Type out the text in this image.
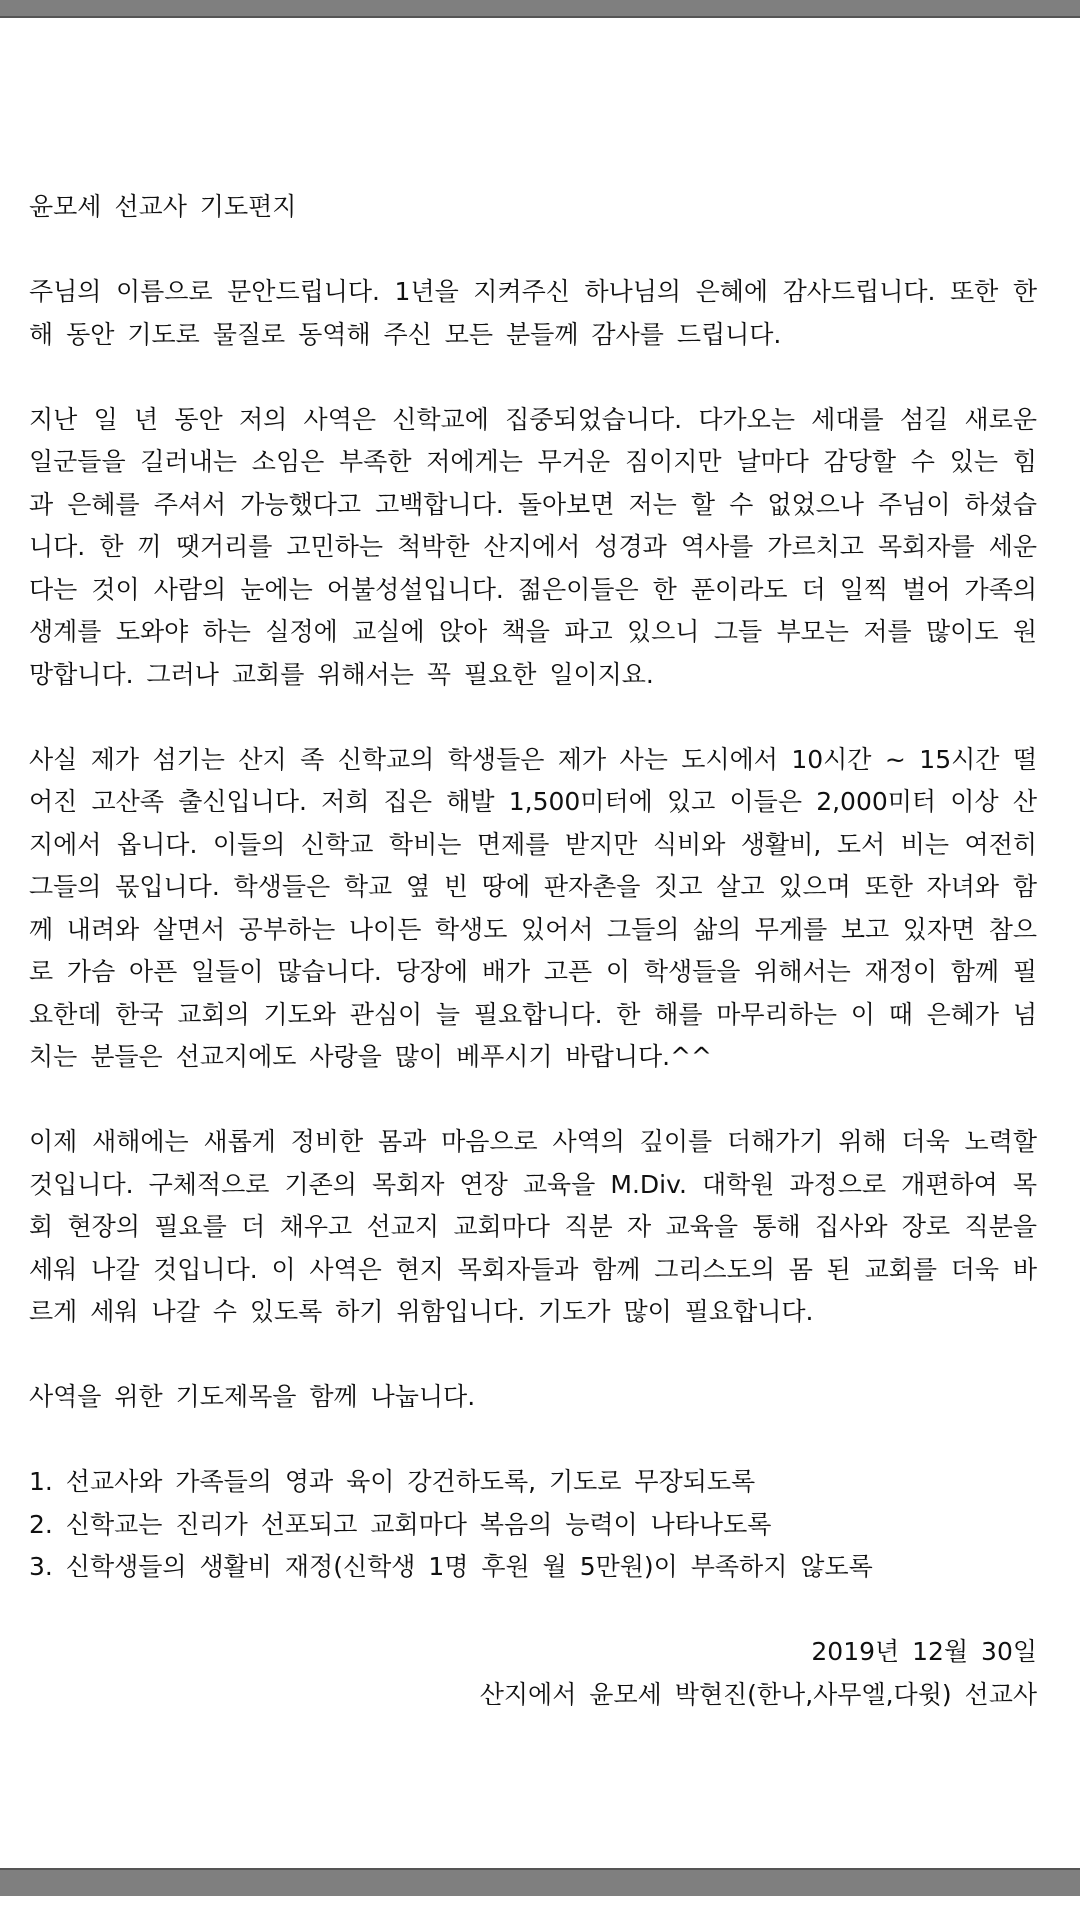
윤모세 선교사 기도편지

주님의 이름으로 문안드립니다. 1년을 지켜주신 하나님의 은혜에 감사드립니다. 또한 한 해 동안 기도로 물질로 동역해 주신 모든 분들께 감사를 드립니다.

지난 일 년 동안 저의 사역은 신학교에 집중되었습니다. 다가오는 세대를 섬길 새로운 일군들을 길러내는 소임은 부족한 저에게는 무거운 짐이지만 날마다 감당할 수 있는 힘과 은혜를 주셔서 가능했다고 고백합니다. 돌아보면 저는 할 수 없었으나 주님이 하셨습니다. 한 끼 땟거리를 고민하는 척박한 산지에서 성경과 역사를 가르치고 목회자를 세운다는 것이 사람의 눈에는 어불성설입니다. 젊은이들은 한 푼이라도 더 일찍 벌어 가족의 생계를 도와야 하는 실정에 교실에 앉아 책을 파고 있으니 그들 부모는 저를 많이도 원망합니다. 그러나 교회를 위해서는 꼭 필요한 일이지요.

사실 제가 섬기는 산지 족 신학교의 학생들은 제가 사는 도시에서 10시간 ~ 15시간 떨어진 고산족 출신입니다. 저희 집은 해발 1,500미터에 있고 이들은 2,000미터 이상 산지에서 옵니다. 이들의 신학교 학비는 면제를 받지만 식비와 생활비, 도서 비는 여전히 그들의 몫입니다. 학생들은 학교 옆 빈 땅에 판자촌을 짓고 살고 있으며 또한 자녀와 함께 내려와 살면서 공부하는 나이든 학생도 있어서 그들의 삶의 무게를 보고 있자면 참으로 가슴 아픈 일들이 많습니다. 당장에 배가 고픈 이 학생들을 위해서는 재정이 함께 필요한데 한국 교회의 기도와 관심이 늘 필요합니다. 한 해를 마무리하는 이 때 은혜가 넘치는 분들은 선교지에도 사랑을 많이 베푸시기 바랍니다.^^

이제 새해에는 새롭게 정비한 몸과 마음으로 사역의 깊이를 더해가기 위해 더욱 노력할 것입니다. 구체적으로 기존의 목회자 연장 교육을 M.Div. 대학원 과정으로 개편하여 목회 현장의 필요를 더 채우고 선교지 교회마다 직분 자 교육을 통해 집사와 장로 직분을 세워 나갈 것입니다. 이 사역은 현지 목회자들과 함께 그리스도의 몸 된 교회를 더욱 바르게 세워 나갈 수 있도록 하기 위함입니다. 기도가 많이 필요합니다.

사역을 위한 기도제목을 함께 나눕니다.

1. 선교사와 가족들의 영과 육이 강건하도록, 기도로 무장되도록
2. 신학교는 진리가 선포되고 교회마다 복음의 능력이 나타나도록
3. 신학생들의 생활비 재정(신학생 1명 후원 월 5만원)이 부족하지 않도록
2019년 12월 30일
산지에서 윤모세 박현진(한나,사무엘,다윗) 선교사
